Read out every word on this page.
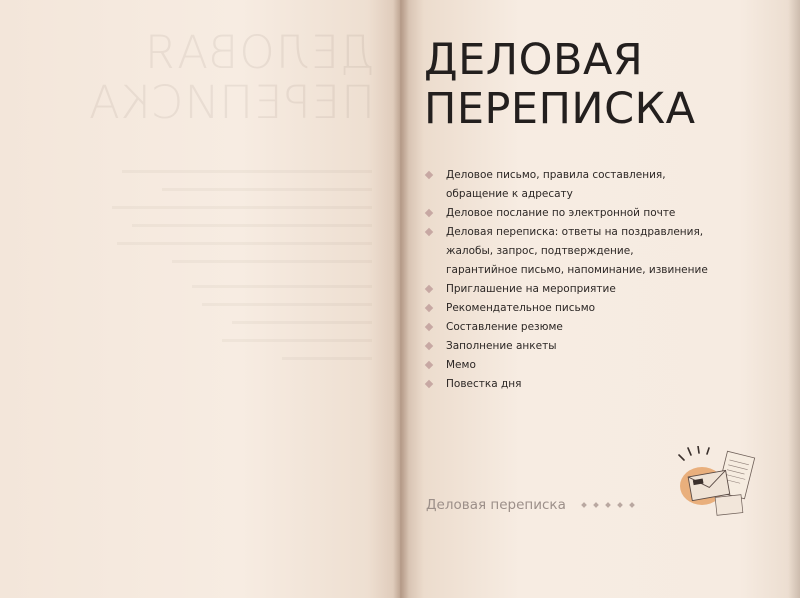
ДЕЛОВАЯ
ПЕРЕПИСКА
ДЕЛОВАЯ
ПЕРЕПИСКА
Деловое письмо, правила составления,
обращение к адресату
Деловое послание по электронной почте
Деловая переписка: ответы на поздравления,
жалобы, запрос, подтверждение,
гарантийное письмо, напоминание, извинение
Приглашение на мероприятие
Рекомендательное письмо
Составление резюме
Заполнение анкеты
Мемо
Повестка дня
Деловая переписка
